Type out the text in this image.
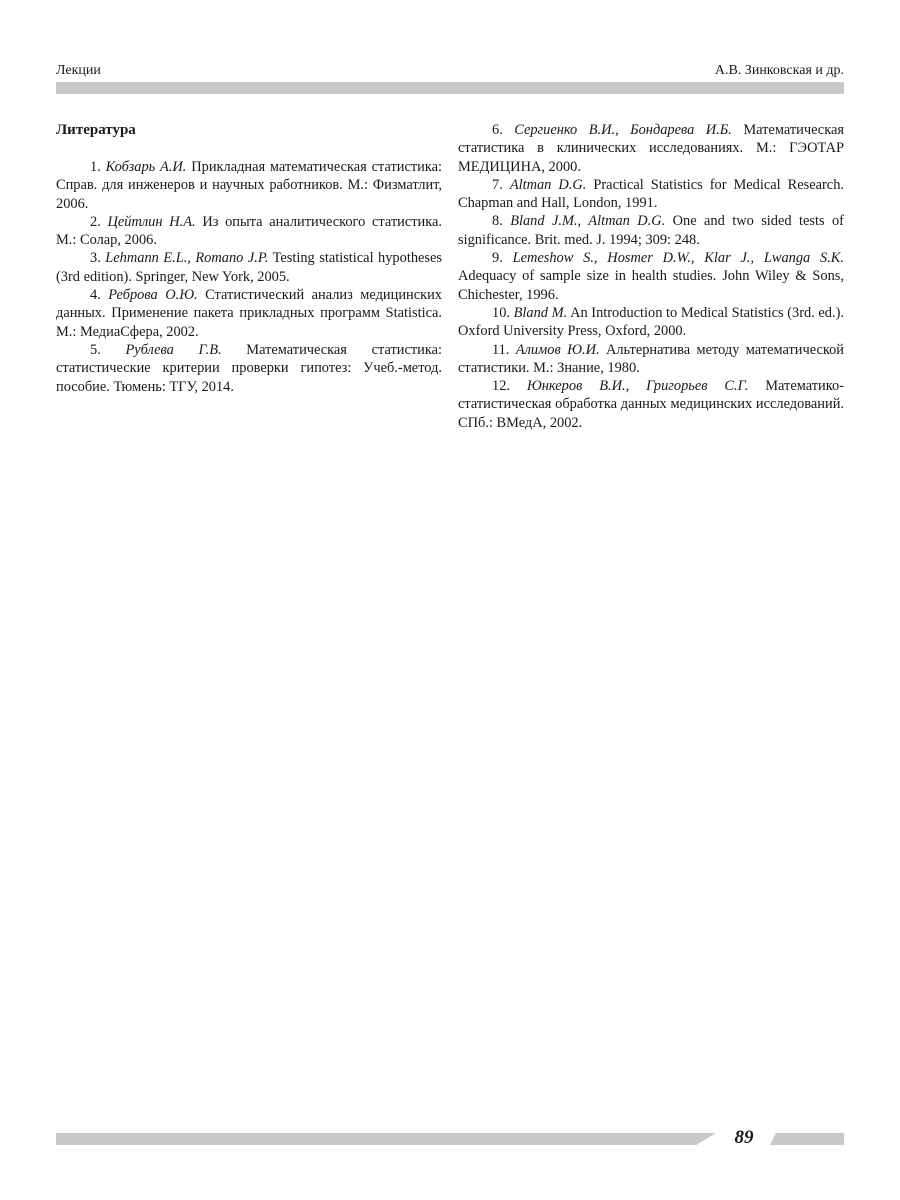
Лекции	А.В. Зинковская и др.
Литература

1. Кобзарь А.И. Прикладная математическая статистика: Справ. для инженеров и научных работников. М.: Физматлит, 2006.

2. Цейтлин Н.А. Из опыта аналитического статистика. М.: Солар, 2006.

3. Lehmann E.L., Romano J.P. Testing statistical hypotheses (3rd edition). Springer, New York, 2005.

4. Реброва О.Ю. Статистический анализ медицинских данных. Применение пакета прикладных программ Statistica. М.: МедиаСфера, 2002.

5. Рублева Г.В. Математическая статистика: статистические критерии проверки гипотез: Учеб.-метод. пособие. Тюмень: ТГУ, 2014.

6. Сергиенко В.И., Бондарева И.Б. Математическая статистика в клинических исследованиях. М.: ГЭОТАР МЕДИЦИНА, 2000.

7. Altman D.G. Practical Statistics for Medical Research. Chapman and Hall, London, 1991.

8. Bland J.M., Altman D.G. One and two sided tests of significance. Brit. med. J. 1994; 309: 248.

9. Lemeshow S., Hosmer D.W., Klar J., Lwanga S.K. Adequacy of sample size in health studies. John Wiley & Sons, Chichester, 1996.

10. Bland M. An Introduction to Medical Statistics (3rd. ed.). Oxford University Press, Oxford, 2000.

11. Алимов Ю.И. Альтернатива методу математической статистики. М.: Знание, 1980.

12. Юнкеров В.И., Григорьев С.Г. Математико-статистическая обработка данных медицинских исследований. СПб.: ВМедА, 2002.

89
